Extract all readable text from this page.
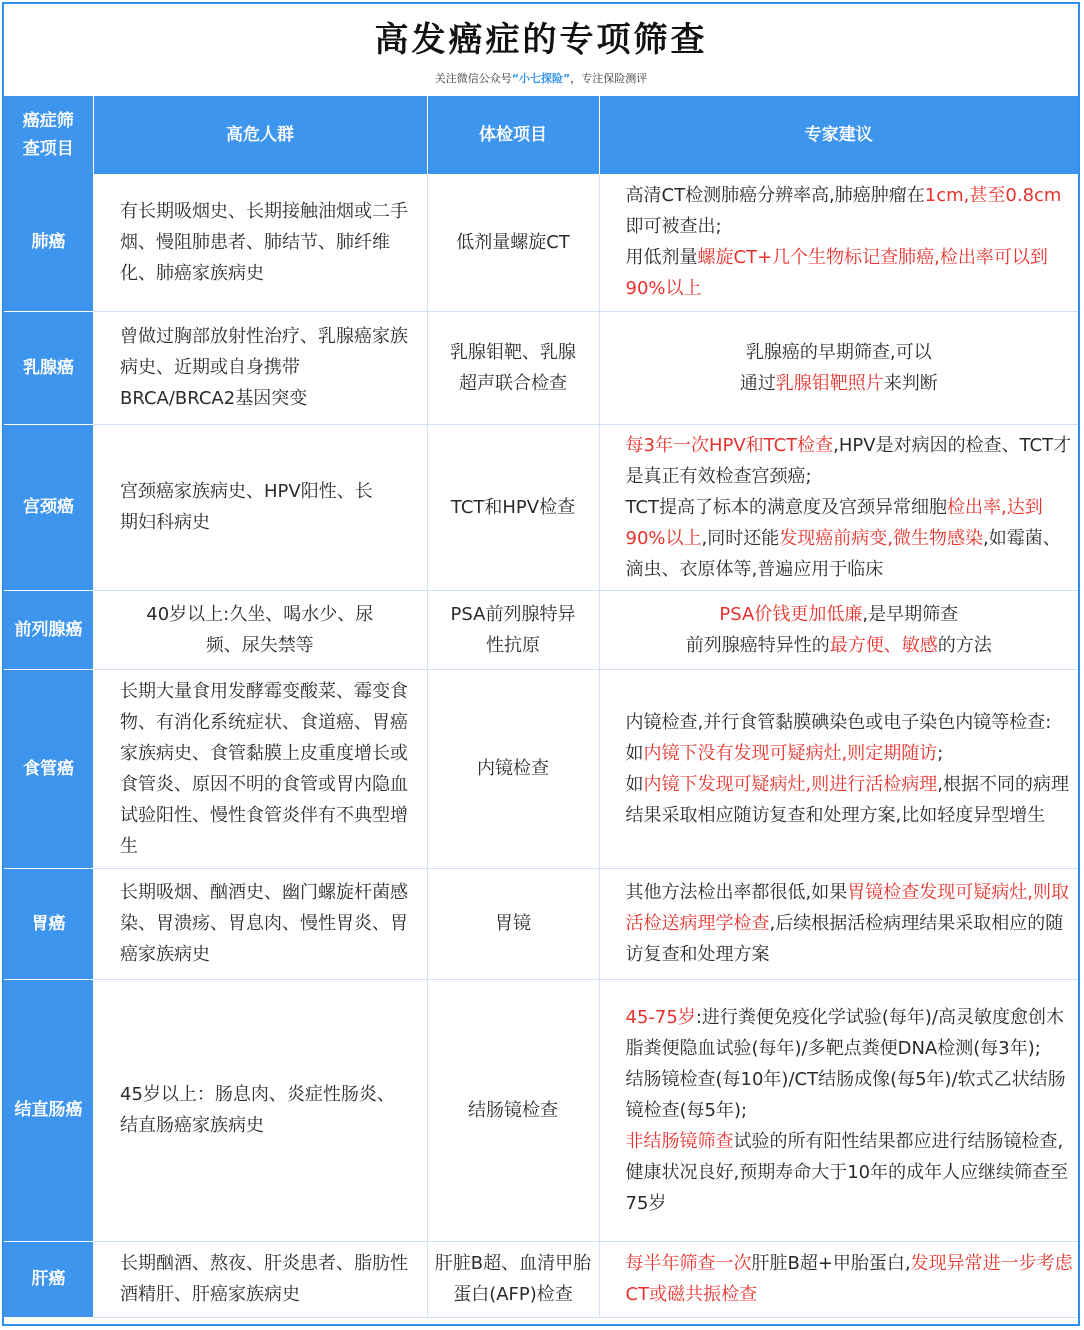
高发癌症的专项筛查
关注微信公众号“小七探险”，专注保险测评
癌症筛查项目	高危人群	体检项目	专家建议
肺癌	有长期吸烟史、长期接触油烟或二手烟、慢阻肺患者、肺结节、肺纤维化、肺癌家族病史	低剂量螺旋CT	高清CT检测肺癌分辨率高,肺癌肿瘤在1cm,甚至0.8cm即可被查出;
用低剂量螺旋CT+几个生物标记查肺癌,检出率可以到90%以上
乳腺癌	曾做过胸部放射性治疗、乳腺癌家族病史、近期或自身携带BRCA/BRCA2基因突变	乳腺钼靶、乳腺超声联合检查	乳腺癌的早期筛查,可以
通过乳腺钼靶照片来判断
宫颈癌	宫颈癌家族病史、HPV阳性、长期妇科病史	TCT和HPV检查	每3年一次HPV和TCT检查,HPV是对病因的检查、TCT才是真正有效检查宫颈癌;
TCT提高了标本的满意度及宫颈异常细胞检出率,达到90%以上,同时还能发现癌前病变,微生物感染,如霉菌、滴虫、衣原体等,普遍应用于临床
前列腺癌	40岁以上:久坐、喝水少、尿频、尿失禁等	PSA前列腺特异性抗原	PSA价钱更加低廉,是早期筛查
前列腺癌特异性的最方便、敏感的方法
食管癌	长期大量食用发酵霉变酸菜、霉变食物、有消化系统症状、食道癌、胃癌家族病史、食管黏膜上皮重度增长或食管炎、原因不明的食管或胃内隐血试验阳性、慢性食管炎伴有不典型增生	内镜检查	内镜检查,并行食管黏膜碘染色或电子染色内镜等检查:
如内镜下没有发现可疑病灶,则定期随访;
如内镜下发现可疑病灶,则进行活检病理,根据不同的病理结果采取相应随访复查和处理方案,比如轻度异型增生
胃癌	长期吸烟、酗酒史、幽门螺旋杆菌感染、胃溃疡、胃息肉、慢性胃炎、胃癌家族病史	胃镜	其他方法检出率都很低,如果胃镜检查发现可疑病灶,则取活检送病理学检查,后续根据活检病理结果采取相应的随访复查和处理方案
结直肠癌	45岁以上：肠息肉、炎症性肠炎、结直肠癌家族病史	结肠镜检查	45-75岁:进行粪便免疫化学试验(每年)/高灵敏度愈创木脂粪便隐血试验(每年)/多靶点粪便DNA检测(每3年);
结肠镜检查(每10年)/CT结肠成像(每5年)/软式乙状结肠镜检查(每5年);
非结肠镜筛查试验的所有阳性结果都应进行结肠镜检查,健康状况良好,预期寿命大于10年的成年人应继续筛查至75岁
肝癌	长期酗酒、熬夜、肝炎患者、脂肪性酒精肝、肝癌家族病史	肝脏B超、血清甲胎蛋白(AFP)检查	每半年筛查一次肝脏B超+甲胎蛋白,发现异常进一步考虑CT或磁共振检查
